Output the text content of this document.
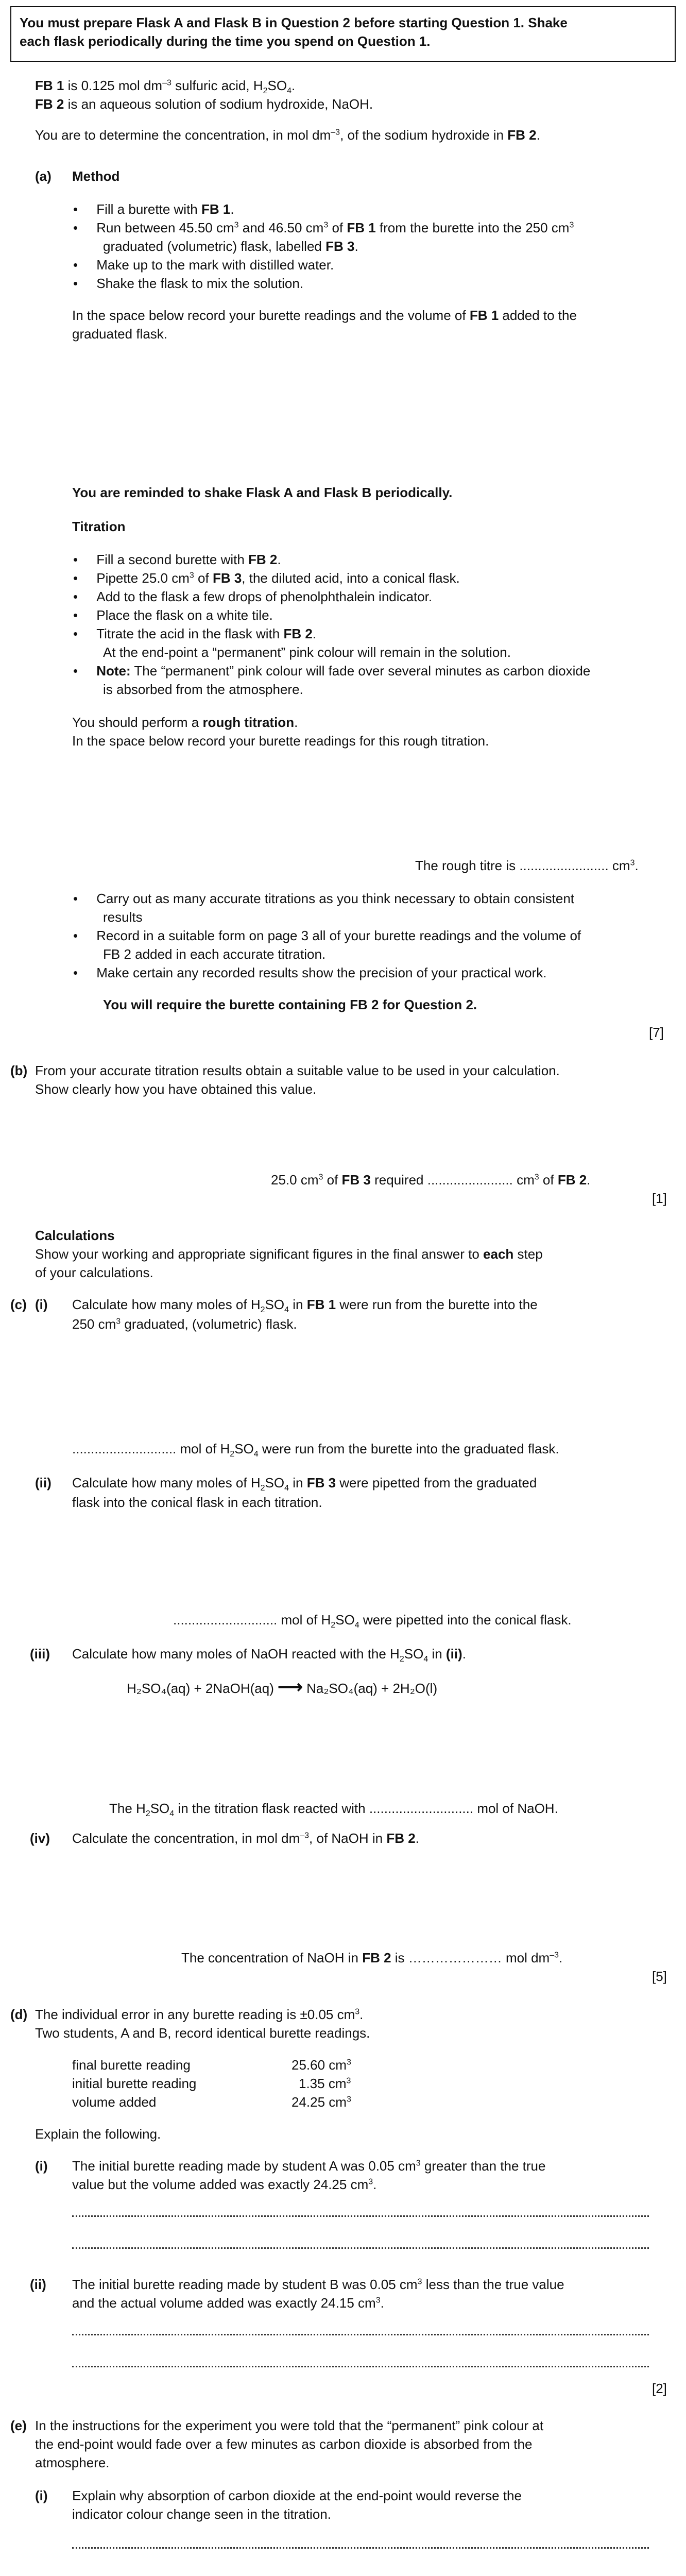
You must prepare Flask A and Flask B in Question 2 before starting Question 1. Shake
each flask periodically during the time you spend on Question 1.
FB 1 is 0.125 mol $dm^{-3}$ sulfuric acid, $H_2SO_4$.
FB 2 is an aqueous solution of sodium hydroxide, NaOH.
You are to determine the concentration, in mol $dm^{-3}$, of the sodium hydroxide in FB 2.
(a) Method
•     Fill a burette with FB 1.
•     Run between 45.50 $cm^3$ and 46.50 $cm^3$ of FB 1 from the burette into the 250 $cm^3$
graduated (volumetric) flask, labelled FB 3.
•     Make up to the mark with distilled water.
•     Shake the flask to mix the solution.
In the space below record your burette readings and the volume of FB 1 added to the
graduated flask.
You are reminded to shake Flask A and Flask B periodically.
Titration
•     Fill a second burette with FB 2.
•     Pipette 25.0 $cm^3$ of FB 3, the diluted acid, into a conical flask.
•     Add to the flask a few drops of phenolphthalein indicator.
•     Place the flask on a white tile.
•     Titrate the acid in the flask with FB 2.
At the end-point a “permanent” pink colour will remain in the solution.
•     Note: The “permanent” pink colour will fade over several minutes as carbon dioxide
is absorbed from the atmosphere.
You should perform a rough titration.
In the space below record your burette readings for this rough titration.
The rough titre is ........................ $cm^3$.
•     Carry out as many accurate titrations as you think necessary to obtain consistent
results
•     Record in a suitable form on page 3 all of your burette readings and the volume of
FB 2 added in each accurate titration.
•     Make certain any recorded results show the precision of your practical work.
You will require the burette containing FB 2 for Question 2.
[7]
(b) From your accurate titration results obtain a suitable value to be used in your calculation.
Show clearly how you have obtained this value.
25.0 $cm^3$ of FB 3 required ....................... $cm^3$ of FB 2.
[1]
Calculations
Show your working and appropriate significant figures in the final answer to each step
of your calculations.
(c) (i) Calculate how many moles of $H_2SO_4$ in FB 1 were run from the burette into the
250 $cm^3$ graduated, (volumetric) flask.
............................ mol of $H_2SO_4$ were run from the burette into the graduated flask.
(ii) Calculate how many moles of $H_2SO_4$ in FB 3 were pipetted from the graduated
flask into the conical flask in each titration.
............................ mol of $H_2SO_4$ were pipetted into the conical flask.
(iii) Calculate how many moles of NaOH reacted with the $H_2SO_4$ in (ii).
H₂SO₄(aq) + 2NaOH(aq) ⟶ Na₂SO₄(aq) + 2H₂O(l)
The $H_2SO_4$ in the titration flask reacted with ............................ mol of NaOH.
(iv) Calculate the concentration, in mol $dm^{-3}$, of NaOH in FB 2.
The concentration of NaOH in FB 2 is ………………… mol $dm^{-3}$.
[5]
(d) The individual error in any burette reading is ±0.05 $cm^3$.
Two students, A and B, record identical burette readings.
final burette reading	25.60 $cm^3$
initial burette reading	1.35 $cm^3$
volume added	24.25 $cm^3$
Explain the following.
(i) The initial burette reading made by student A was 0.05 $cm^3$ greater than the true
value but the volume added was exactly 24.25 $cm^3$.
(ii) The initial burette reading made by student B was 0.05 $cm^3$ less than the true value
and the actual volume added was exactly 24.15 $cm^3$.
[2]
(e) In the instructions for the experiment you were told that the “permanent” pink colour at
the end-point would fade over a few minutes as carbon dioxide is absorbed from the
atmosphere.
(i) Explain why absorption of carbon dioxide at the end-point would reverse the
indicator colour change seen in the titration.
